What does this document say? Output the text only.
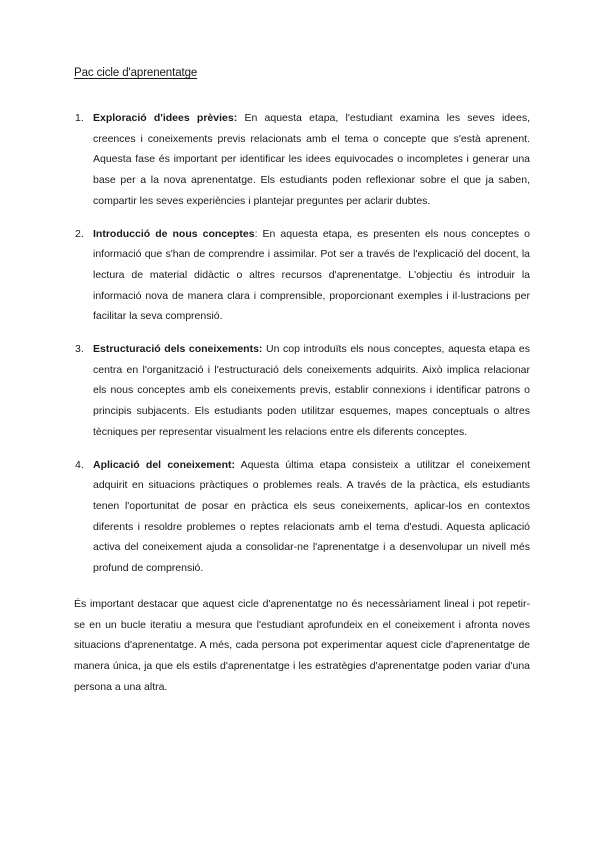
Pac cicle d'aprenentatge
1. Exploració d'idees prèvies: En aquesta etapa, l'estudiant examina les seves idees, creences i coneixements previs relacionats amb el tema o concepte que s'està aprenent. Aquesta fase és important per identificar les idees equivocades o incompletes i generar una base per a la nova aprenentatge. Els estudiants poden reflexionar sobre el que ja saben, compartir les seves experiències i plantejar preguntes per aclarir dubtes.
2. Introducció de nous conceptes: En aquesta etapa, es presenten els nous conceptes o informació que s'han de comprendre i assimilar. Pot ser a través de l'explicació del docent, la lectura de material didàctic o altres recursos d'aprenentatge. L'objectiu és introduir la informació nova de manera clara i comprensible, proporcionant exemples i il·lustracions per facilitar la seva comprensió.
3. Estructuració dels coneixements: Un cop introduïts els nous conceptes, aquesta etapa es centra en l'organització i l'estructuració dels coneixements adquirits. Això implica relacionar els nous conceptes amb els coneixements previs, establir connexions i identificar patrons o principis subjacents. Els estudiants poden utilitzar esquemes, mapes conceptuals o altres tècniques per representar visualment les relacions entre els diferents conceptes.
4. Aplicació del coneixement: Aquesta última etapa consisteix a utilitzar el coneixement adquirit en situacions pràctiques o problemes reals. A través de la pràctica, els estudiants tenen l'oportunitat de posar en pràctica els seus coneixements, aplicar-los en contextos diferents i resoldre problemes o reptes relacionats amb el tema d'estudi. Aquesta aplicació activa del coneixement ajuda a consolidar-ne l'aprenentatge i a desenvolupar un nivell més profund de comprensió.

És important destacar que aquest cicle d'aprenentatge no és necessàriament lineal i pot repetir-se en un bucle iteratiu a mesura que l'estudiant aprofundeix en el coneixement i afronta noves situacions d'aprenentatge. A més, cada persona pot experimentar aquest cicle d'aprenentatge de manera única, ja que els estils d'aprenentatge i les estratègies d'aprenentatge poden variar d'una persona a una altra.
